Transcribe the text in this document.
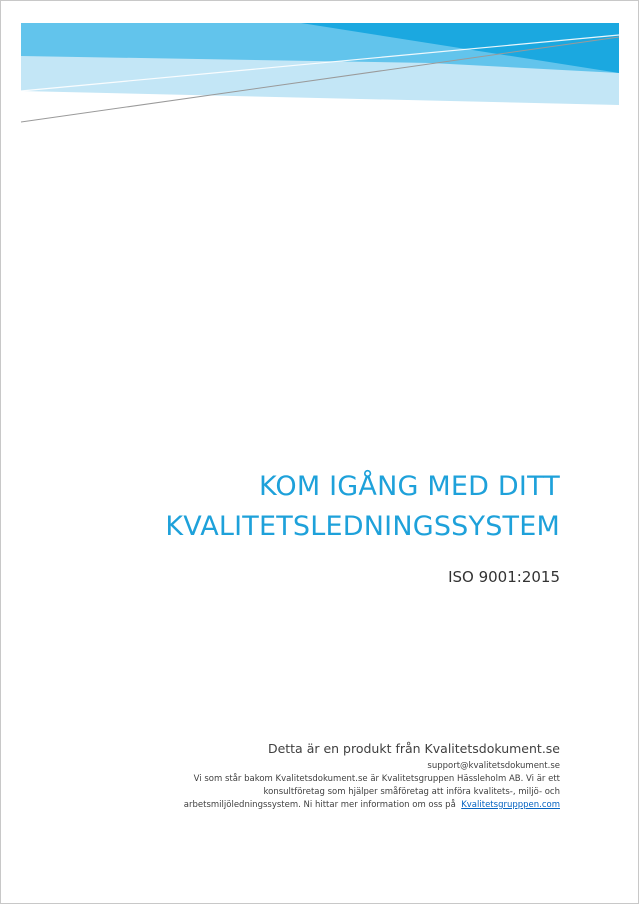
KOM IGÅNG MED DITT
KVALITETSLEDNINGSSYSTEM
ISO 9001:2015
Detta är en produkt från Kvalitetsdokument.se
support@kvalitetsdokument.se
Vi som står bakom Kvalitetsdokument.se är Kvalitetsgruppen Hässleholm AB. Vi är ett
konsultföretag som hjälper småföretag att införa kvalitets-, miljö- och
arbetsmiljöledningssystem. Ni hittar mer information om oss på Kvalitetsgrupppen.com
